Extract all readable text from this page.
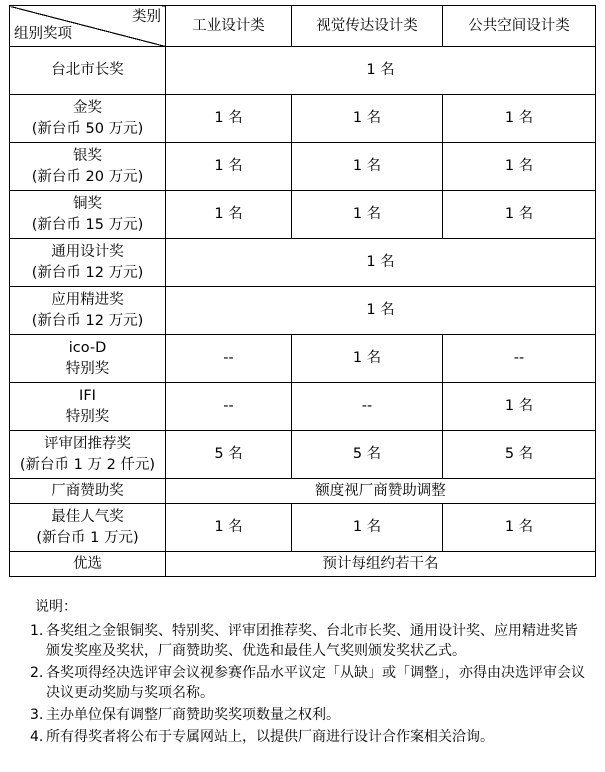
类别
组别奖项	工业设计类	视觉传达设计类	公共空间设计类

台北市长奖	1 名		

金奖
(新台币 50 万元)	1 名	1 名	1 名

银奖
(新台币 20 万元)	1 名	1 名	1 名

铜奖
(新台币 15 万元)	1 名	1 名	1 名

通用设计奖
(新台币 12 万元)	1 名		

应用精进奖
(新台币 12 万元)	1 名		

ico-D
特别奖	--	1 名	--

IFI
特别奖	--	--	1 名

评审团推荐奖
(新台币 1 万 2 仟元)	5 名	5 名	5 名

厂商赞助奖	额度视厂商赞助调整		

最佳人气奖
(新台币 1 万元)	1 名	1 名	1 名

优选	预计每组约若干名		
说明：
1. 各奖组之金银铜奖、特别奖、评审团推荐奖、台北市长奖、通用设计奖、应用精进奖皆颁发奖座及奖状，厂商赞助奖、优选和最佳人气奖则颁发奖状乙式。
2. 各奖项得经决选评审会议视参赛作品水平议定「从缺」或「调整」，亦得由决选评审会议决议更动奖励与奖项名称。
3. 主办单位保有调整厂商赞助奖奖项数量之权利。
4. 所有得奖者将公布于专属网站上，以提供厂商进行设计合作案相关洽询。
